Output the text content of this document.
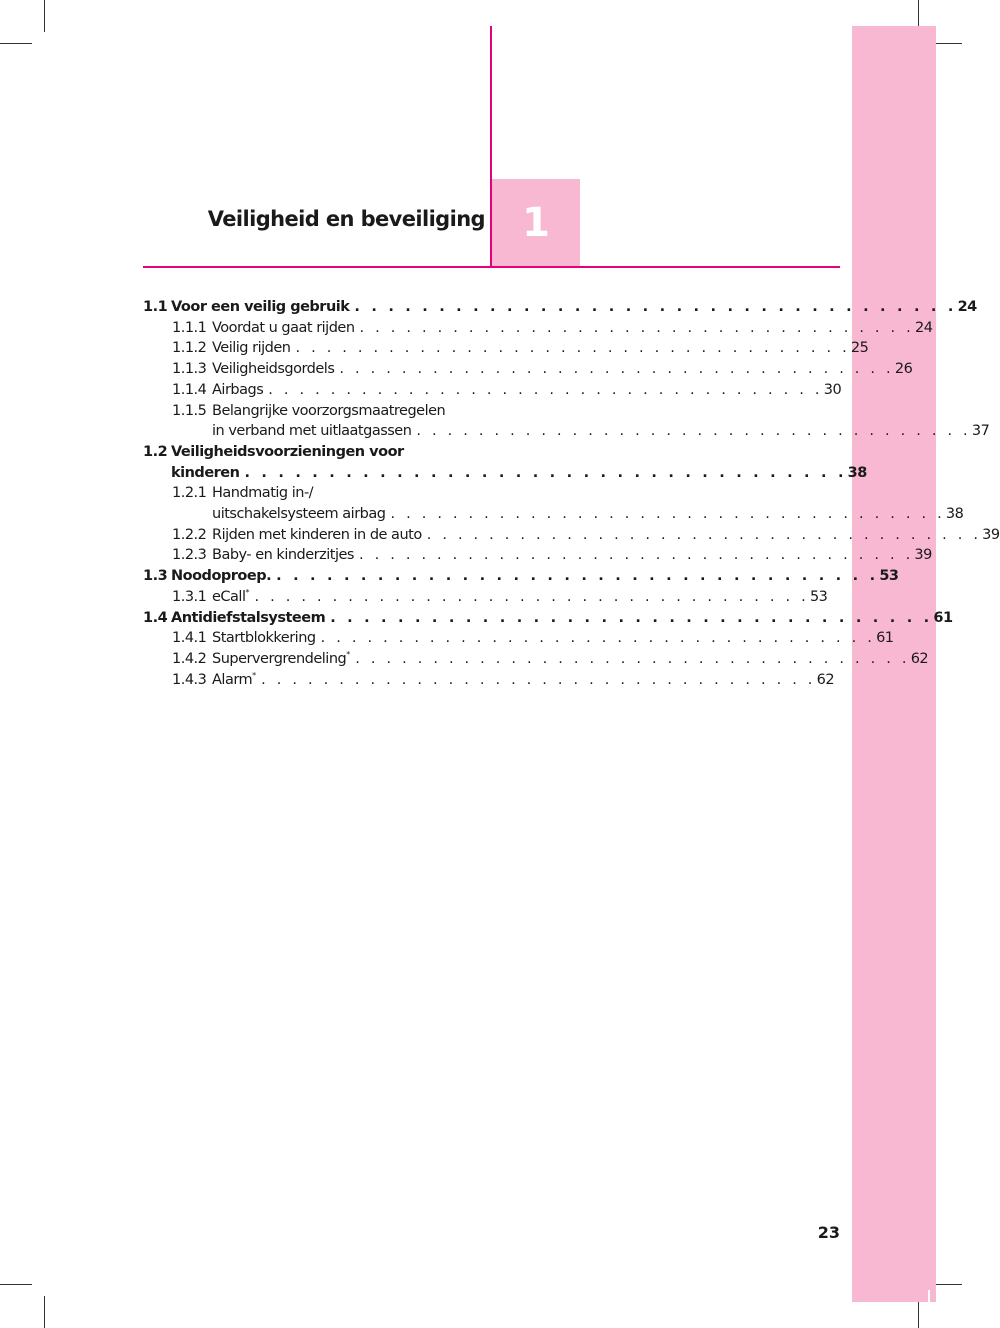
Veiligheid en beveiliging 1
1.1 Voor een veilig gebruik . . . . . . . . . . . . . . . . . . . . . . . . . . . . . . . . . . . . 24
1.1.1 Voordat u gaat rijden . . . . . . . . . . . . . . . . . . . . . . . . . . . . . . . . . . . . 24
1.1.2 Veilig rijden . . . . . . . . . . . . . . . . . . . . . . . . . . . . . . . . . . . . 25
1.1.3 Veiligheidsgordels . . . . . . . . . . . . . . . . . . . . . . . . . . . . . . . . . . . . 26
1.1.4 Airbags . . . . . . . . . . . . . . . . . . . . . . . . . . . . . . . . . . . . 30
1.1.5 Belangrijke voorzorgsmaatregelen
in verband met uitlaatgassen . . . . . . . . . . . . . . . . . . . . . . . . . . . . . . . . . . . . 37
1.2 Veiligheidsvoorzieningen voor
kinderen . . . . . . . . . . . . . . . . . . . . . . . . . . . . . . . . . . . . 38
1.2.1 Handmatig in-/
uitschakelsysteem airbag . . . . . . . . . . . . . . . . . . . . . . . . . . . . . . . . . . . . 38
1.2.2 Rijden met kinderen in de auto . . . . . . . . . . . . . . . . . . . . . . . . . . . . . . . . . . . . 39
1.2.3 Baby- en kinderzitjes . . . . . . . . . . . . . . . . . . . . . . . . . . . . . . . . . . . . 39
1.3 Noodoproep. . . . . . . . . . . . . . . . . . . . . . . . . . . . . . . . . . . . . 53
1.3.1 eCall* . . . . . . . . . . . . . . . . . . . . . . . . . . . . . . . . . . . . 53
1.4 Antidiefstalsysteem . . . . . . . . . . . . . . . . . . . . . . . . . . . . . . . . . . . . 61
1.4.1 Startblokkering . . . . . . . . . . . . . . . . . . . . . . . . . . . . . . . . . . . . 61
1.4.2 Supervergrendeling* . . . . . . . . . . . . . . . . . . . . . . . . . . . . . . . . . . . . 62
1.4.3 Alarm* . . . . . . . . . . . . . . . . . . . . . . . . . . . . . . . . . . . . 62
23
